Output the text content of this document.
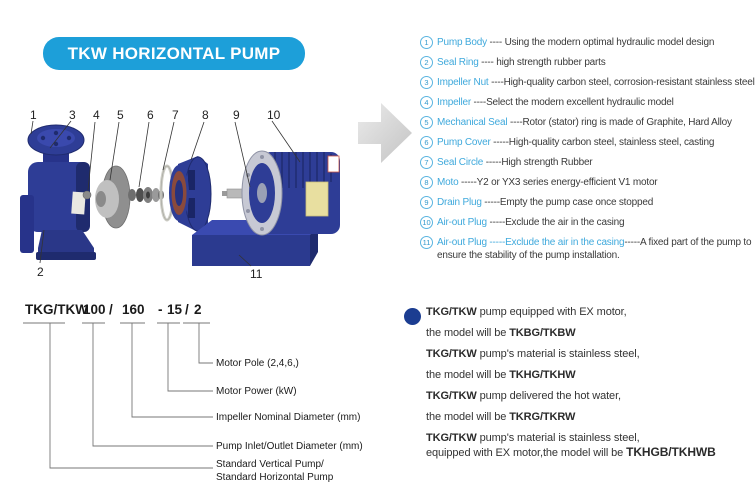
TKW HORIZONTAL PUMP
1	3 4 5 6 7 8 9 10
2	11
1 Pump Body ---- Using the modern optimal hydraulic model design
2 Seal Ring ---- high strength rubber parts
3 Impeller Nut ----High-quality carbon steel, corrosion-resistant stainless steel
4 Impeller ----Select the modern excellent hydraulic model
5 Mechanical Seal ----Rotor (stator) ring is made of Graphite, Hard Alloy
6 Pump Cover -----High-quality carbon steel, stainless steel, casting
7 Seal Circle -----High strength Rubber
8 Moto -----Y2 or YX3 series energy-efficient V1 motor
9 Drain Plug -----Empty the pump case once stopped
10 Air-out Plug -----Exclude the air in the casing
11 Air-out Plug -----Exclude the air in the casing-----A fixed part of the pump to ensure the stability of the pump installation.
TKG/TKW
100 / 160 - 15 / 2
Motor Pole (2,4,6,)
Motor Power (kW)
Impeller Nominal Diameter (mm)
Pump Inlet/Outlet Diameter (mm)
Standard Vertical Pump/
Standard Horizontal Pump

TKG/TKW pump equipped with EX motor,

the model will be TKBG/TKBW

TKG/TKW pump's material is stainless steel,

the model will be TKHG/TKHW

TKG/TKW pump delivered the hot water,

the model will be TKRG/TKRW

TKG/TKW pump's material is stainless steel,

equipped with EX motor,the model will be TKHGB/TKHWB
